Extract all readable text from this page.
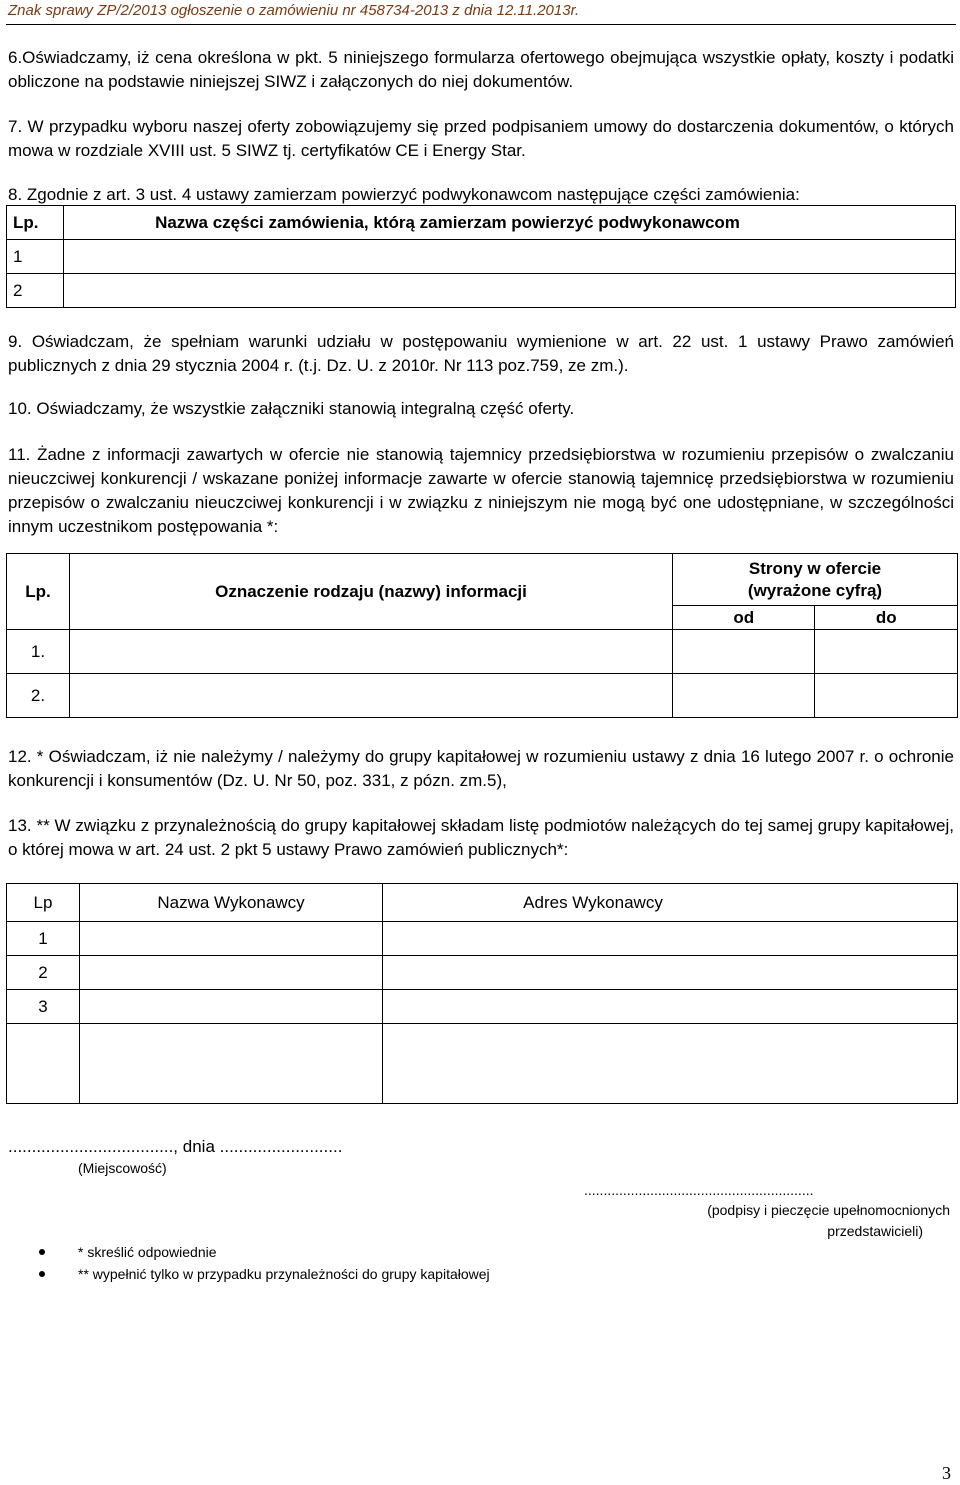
Znak sprawy ZP/2/2013 ogłoszenie o zamówieniu nr 458734-2013 z dnia 12.11.2013r.
6.Oświadczamy, iż cena określona w pkt. 5 niniejszego formularza ofertowego obejmująca wszystkie opłaty, koszty i podatki obliczone na podstawie niniejszej SIWZ i załączonych do niej dokumentów.
7. W przypadku wyboru naszej oferty zobowiązujemy się przed podpisaniem umowy do dostarczenia dokumentów, o których mowa w rozdziale XVIII ust. 5 SIWZ tj. certyfikatów CE i Energy Star.
8. Zgodnie z art. 3 ust. 4 ustawy zamierzam powierzyć podwykonawcom następujące części zamówienia:
Lp.	Nazwa części zamówienia, którą zamierzam powierzyć podwykonawcom
1	
2	
9. Oświadczam, że spełniam warunki udziału w postępowaniu wymienione w art. 22 ust. 1 ustawy Prawo zamówień publicznych z dnia 29 stycznia 2004 r. (t.j. Dz. U. z 2010r. Nr 113 poz.759, ze zm.).
10. Oświadczamy, że wszystkie załączniki stanowią integralną część oferty.
11. Żadne z informacji zawartych w ofercie nie stanowią tajemnicy przedsiębiorstwa w rozumieniu przepisów o zwalczaniu nieuczciwej konkurencji / wskazane poniżej informacje zawarte w ofercie stanowią tajemnicę przedsiębiorstwa w rozumieniu przepisów o zwalczaniu nieuczciwej konkurencji i w związku z niniejszym nie mogą być one udostępniane, w szczególności innym uczestnikom postępowania *:
Lp.	Oznaczenie rodzaju (nazwy) informacji	Strony w ofercie
(wyrażone cyfrą)	

		od	do
1.			
2.			
12. * Oświadczam, iż nie należymy / należymy do grupy kapitałowej w rozumieniu ustawy z dnia 16 lutego 2007 r. o ochronie konkurencji i konsumentów (Dz. U. Nr 50, poz. 331, z pózn. zm.5),
13. ** W związku z przynależnością do grupy kapitałowej składam listę podmiotów należących do tej samej grupy kapitałowej, o której mowa w art. 24 ust. 2 pkt 5 ustawy Prawo zamówień publicznych*:
Lp	Nazwa Wykonawcy	Adres Wykonawcy
1		
2		
3		

..................................., dnia ..........................
(Miejscowość)
...........................................................
(podpisy i pieczęcie upełnomocnionych
przedstawicieli)
* skreślić odpowiednie
** wypełnić tylko w przypadku przynależności do grupy kapitałowej
3
